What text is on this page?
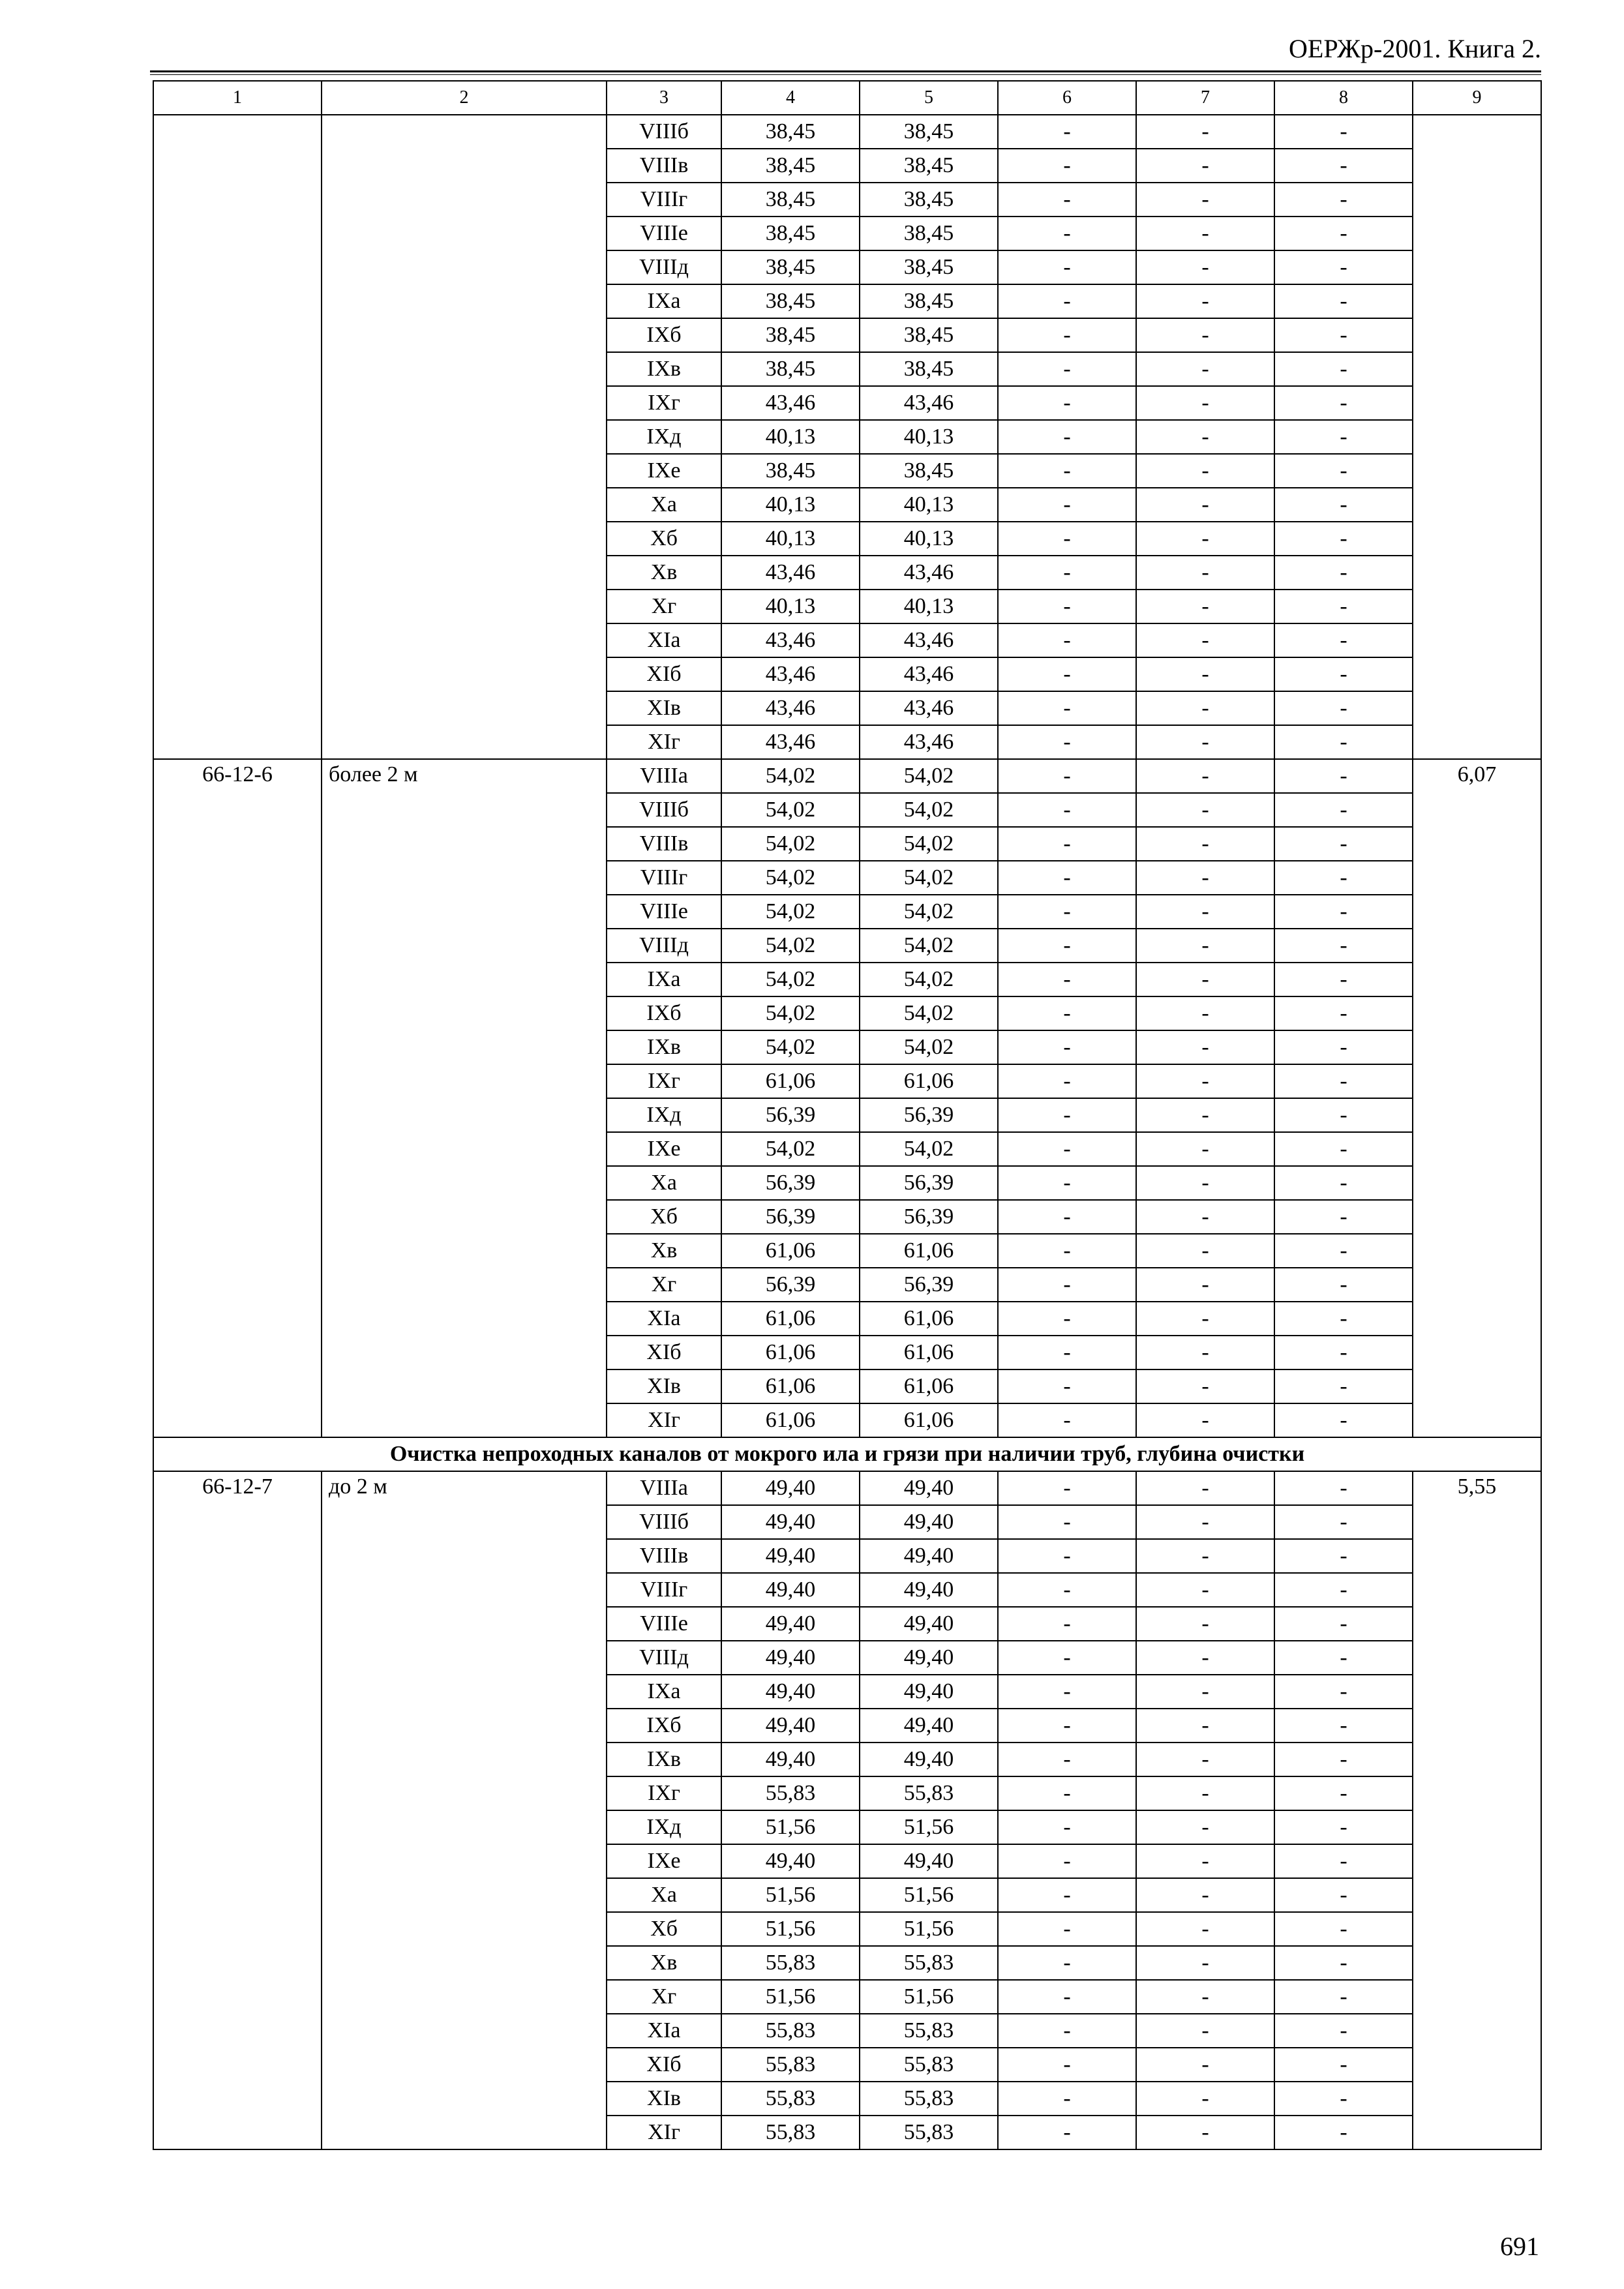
ОЕРЖр-2001. Книга 2.
1	2	3	4	5	6	7	8	9
		VIIIб	38,45	38,45	-	-	-	
		VIIIв	38,45	38,45	-	-	-	
		VIIIг	38,45	38,45	-	-	-	
		VIIIе	38,45	38,45	-	-	-	
		VIIIд	38,45	38,45	-	-	-	
		IXа	38,45	38,45	-	-	-	
		IXб	38,45	38,45	-	-	-	
		IXв	38,45	38,45	-	-	-	
		IXг	43,46	43,46	-	-	-	
		IXд	40,13	40,13	-	-	-	
		IXе	38,45	38,45	-	-	-	
		Xа	40,13	40,13	-	-	-	
		Xб	40,13	40,13	-	-	-	
		Xв	43,46	43,46	-	-	-	
		Xг	40,13	40,13	-	-	-	
		XIа	43,46	43,46	-	-	-	
		XIб	43,46	43,46	-	-	-	
		XIв	43,46	43,46	-	-	-	
		XIг	43,46	43,46	-	-	-	
66-12-6	более 2 м	VIIIа	54,02	54,02	-	-	-	6,07
		VIIIб	54,02	54,02	-	-	-	
		VIIIв	54,02	54,02	-	-	-	
		VIIIг	54,02	54,02	-	-	-	
		VIIIе	54,02	54,02	-	-	-	
		VIIIд	54,02	54,02	-	-	-	
		IXа	54,02	54,02	-	-	-	
		IXб	54,02	54,02	-	-	-	
		IXв	54,02	54,02	-	-	-	
		IXг	61,06	61,06	-	-	-	
		IXд	56,39	56,39	-	-	-	
		IXе	54,02	54,02	-	-	-	
		Xа	56,39	56,39	-	-	-	
		Xб	56,39	56,39	-	-	-	
		Xв	61,06	61,06	-	-	-	
		Xг	56,39	56,39	-	-	-	
		XIа	61,06	61,06	-	-	-	
		XIб	61,06	61,06	-	-	-	
		XIв	61,06	61,06	-	-	-	
		XIг	61,06	61,06	-	-	-	
Очистка непроходных каналов от мокрого ила и грязи при наличии труб, глубина очистки								
66-12-7	до 2 м	VIIIа	49,40	49,40	-	-	-	5,55
		VIIIб	49,40	49,40	-	-	-	
		VIIIв	49,40	49,40	-	-	-	
		VIIIг	49,40	49,40	-	-	-	
		VIIIе	49,40	49,40	-	-	-	
		VIIIд	49,40	49,40	-	-	-	
		IXа	49,40	49,40	-	-	-	
		IXб	49,40	49,40	-	-	-	
		IXв	49,40	49,40	-	-	-	
		IXг	55,83	55,83	-	-	-	
		IXд	51,56	51,56	-	-	-	
		IXе	49,40	49,40	-	-	-	
		Xа	51,56	51,56	-	-	-	
		Xб	51,56	51,56	-	-	-	
		Xв	55,83	55,83	-	-	-	
		Xг	51,56	51,56	-	-	-	
		XIа	55,83	55,83	-	-	-	
		XIб	55,83	55,83	-	-	-	
		XIв	55,83	55,83	-	-	-	
		XIг	55,83	55,83	-	-	-	
691
